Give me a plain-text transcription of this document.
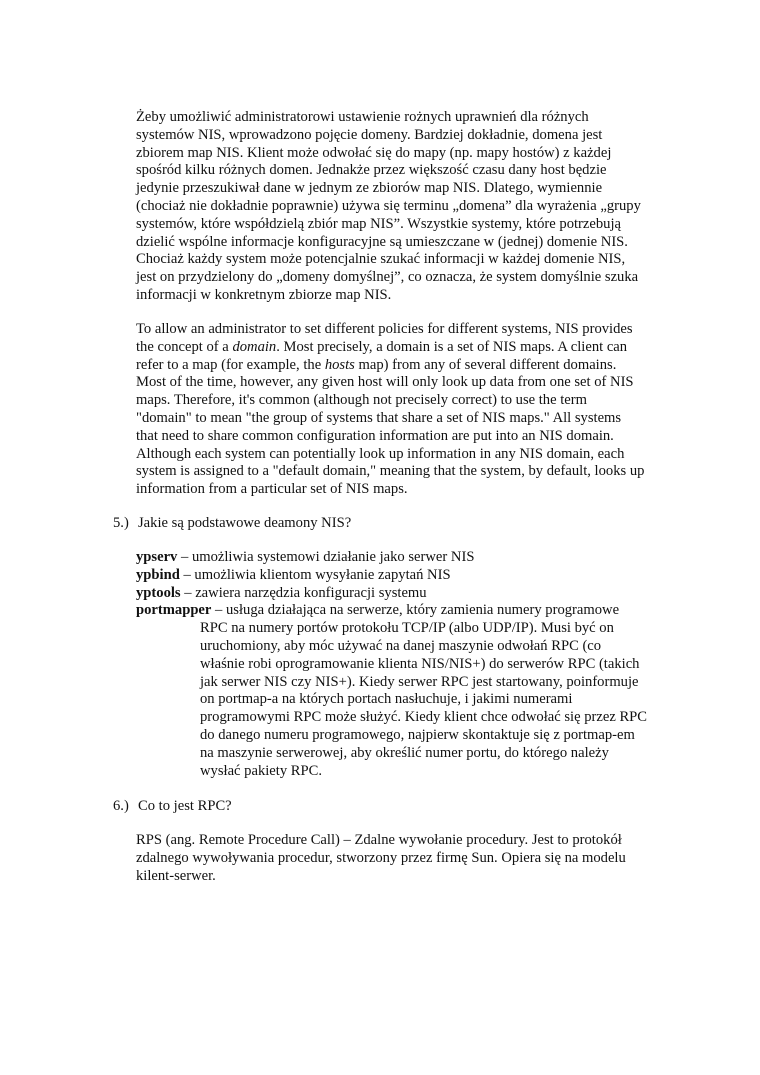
Żeby umożliwić administratorowi ustawienie rożnych uprawnień dla różnych
systemów NIS, wprowadzono pojęcie domeny. Bardziej dokładnie, domena jest
zbiorem map NIS. Klient może odwołać się do mapy (np. mapy hostów) z każdej
spośród kilku różnych domen. Jednakże przez większość czasu dany host będzie
jedynie przeszukiwał dane w jednym ze zbiorów map NIS. Dlatego, wymiennie
(chociaż nie dokładnie poprawnie) używa się terminu „domena” dla wyrażenia „grupy
systemów, które współdzielą zbiór map NIS”. Wszystkie systemy, które potrzebują
dzielić wspólne informacje konfiguracyjne są umieszczane w (jednej) domenie NIS.
Chociaż każdy system może potencjalnie szukać informacji w każdej domenie NIS,
jest on przydzielony do „domeny domyślnej”, co oznacza, że system domyślnie szuka
informacji w konkretnym zbiorze map NIS.

To allow an administrator to set different policies for different systems, NIS provides
the concept of a domain. Most precisely, a domain is a set of NIS maps. A client can
refer to a map (for example, the hosts map) from any of several different domains.
Most of the time, however, any given host will only look up data from one set of NIS
maps. Therefore, it's common (although not precisely correct) to use the term
"domain" to mean "the group of systems that share a set of NIS maps." All systems
that need to share common configuration information are put into an NIS domain.
Although each system can potentially look up information in any NIS domain, each
system is assigned to a "default domain," meaning that the system, by default, looks up
information from a particular set of NIS maps.

5.) Jakie są podstawowe deamony NIS?
ypserv – umożliwia systemowi działanie jako serwer NIS
ypbind – umożliwia klientom wysyłanie zapytań NIS
yptools – zawiera narzędzia konfiguracji systemu
portmapper – usługa działająca na serwerze, który zamienia numery programowe
RPC na numery portów protokołu TCP/IP (albo UDP/IP). Musi być on
uruchomiony, aby móc używać na danej maszynie odwołań RPC (co
właśnie robi oprogramowanie klienta NIS/NIS+) do serwerów RPC (takich
jak serwer NIS czy NIS+). Kiedy serwer RPC jest startowany, poinformuje
on portmap-a na których portach nasłuchuje, i jakimi numerami
programowymi RPC może służyć. Kiedy klient chce odwołać się przez RPC
do danego numeru programowego, najpierw skontaktuje się z portmap-em
na maszynie serwerowej, aby określić numer portu, do którego należy
wysłać pakiety RPC.
6.) Co to jest RPC?

RPS (ang. Remote Procedure Call) – Zdalne wywołanie procedury. Jest to protokół
zdalnego wywoływania procedur, stworzony przez firmę Sun. Opiera się na modelu
kilent-serwer.
